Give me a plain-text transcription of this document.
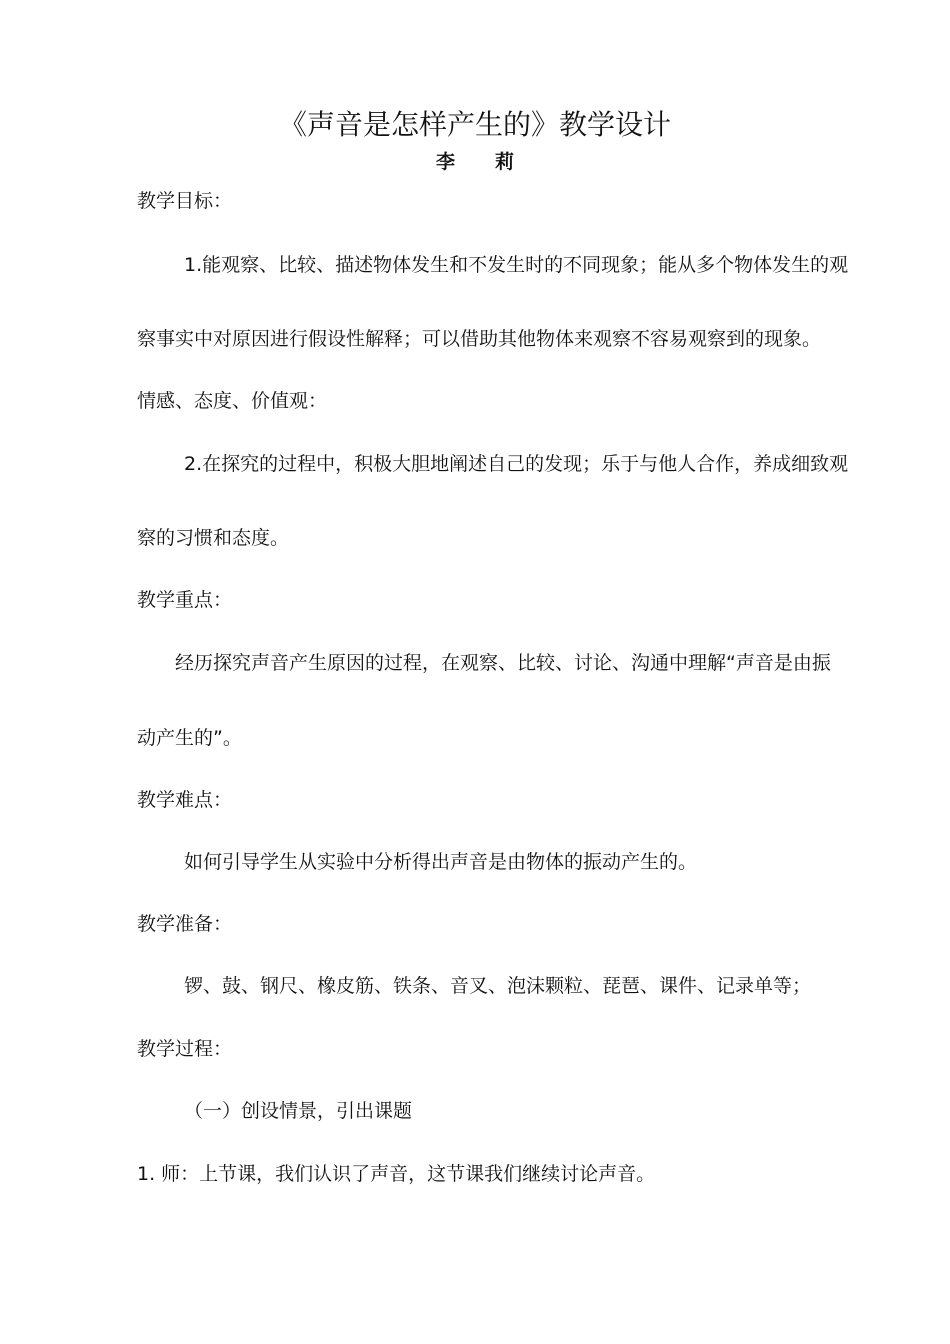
《声音是怎样产生的》教学设计
李莉
教学目标：
1.能观察、比较、描述物体发生和不发生时的不同现象；能从多个物体发生的观
察事实中对原因进行假设性解释；可以借助其他物体来观察不容易观察到的现象。
情感、态度、价值观：
2.在探究的过程中，积极大胆地阐述自己的发现；乐于与他人合作，养成细致观
察的习惯和态度。
教学重点：
经历探究声音产生原因的过程，在观察、比较、讨论、沟通中理解“声音是由振
动产生的”。
教学难点：
如何引导学生从实验中分析得出声音是由物体的振动产生的。
教学准备：
锣、鼓、钢尺、橡皮筋、铁条、音叉、泡沫颗粒、琵琶、课件、记录单等；
教学过程：
（一）创设情景，引出课题
1. 师：上节课，我们认识了声音，这节课我们继续讨论声音。
